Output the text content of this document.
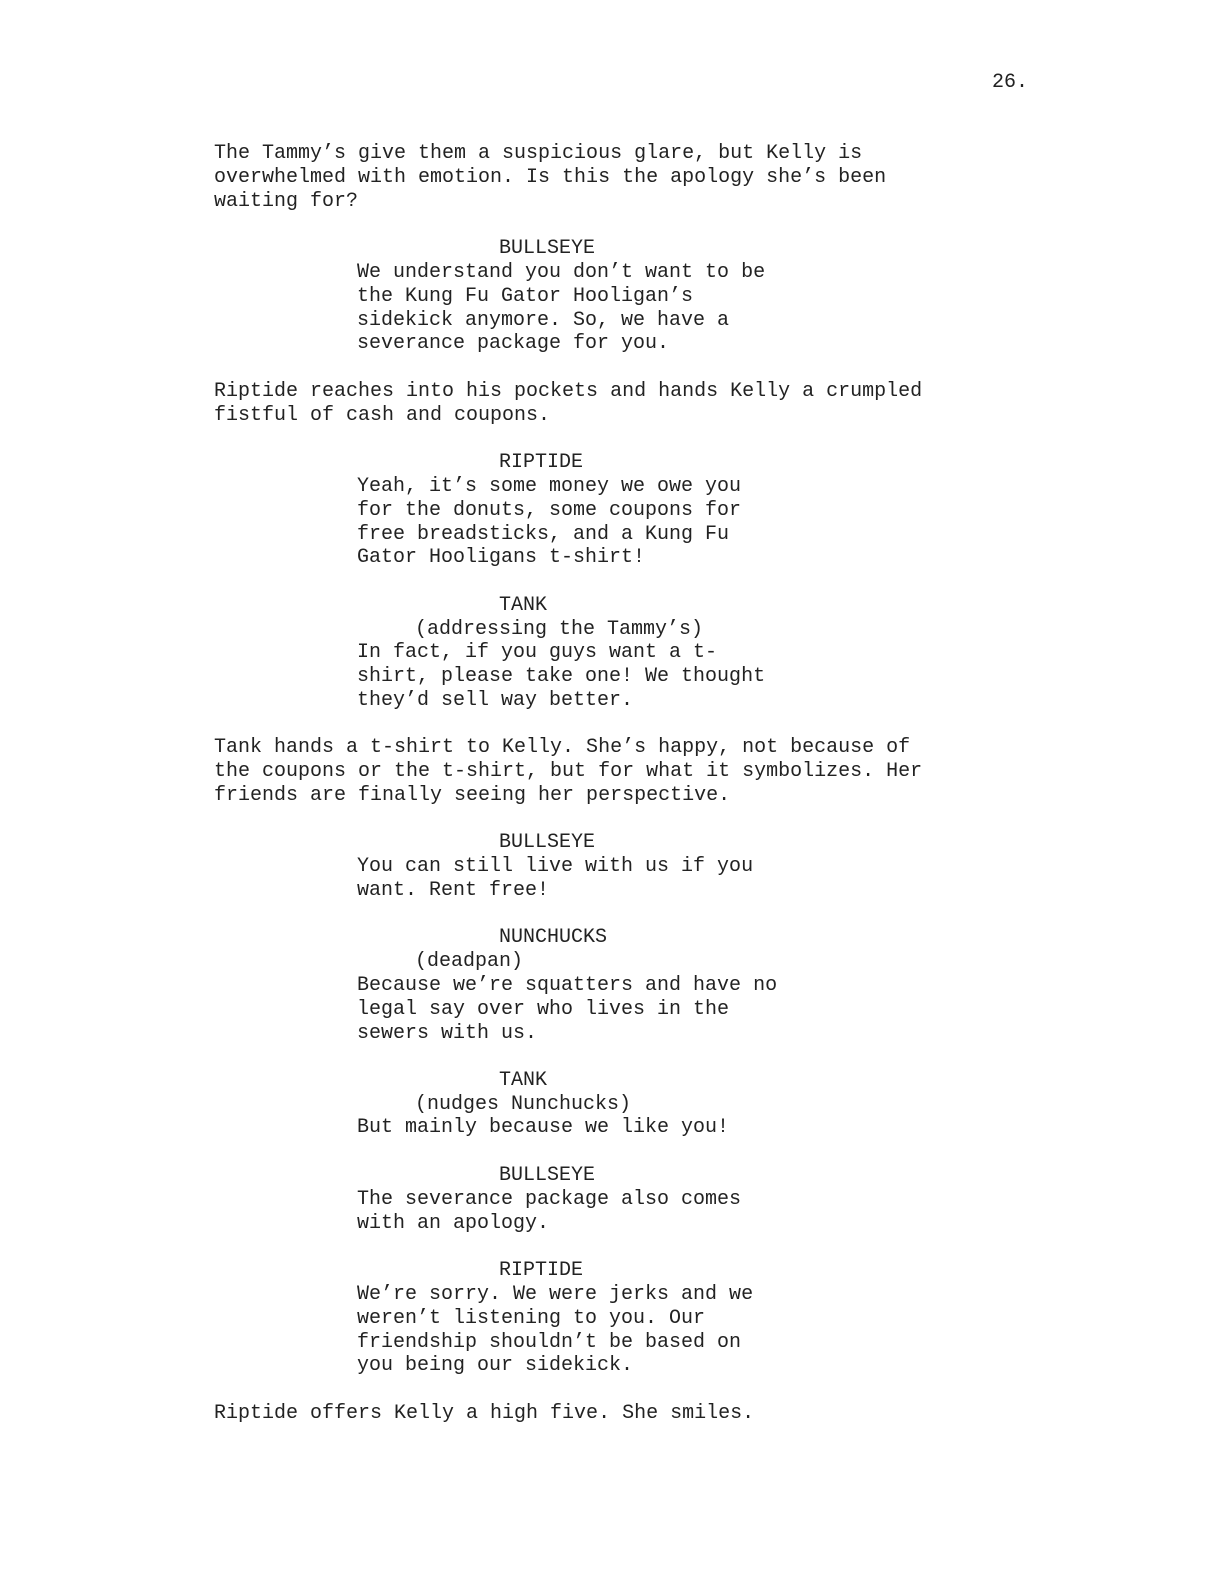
26.
The Tammy’s give them a suspicious glare, but Kelly is
overwhelmed with emotion. Is this the apology she’s been
waiting for?
BULLSEYE
We understand you don’t want to be
the Kung Fu Gator Hooligan’s
sidekick anymore. So, we have a
severance package for you.
Riptide reaches into his pockets and hands Kelly a crumpled
fistful of cash and coupons.
RIPTIDE
Yeah, it’s some money we owe you
for the donuts, some coupons for
free breadsticks, and a Kung Fu
Gator Hooligans t-shirt!
TANK
(addressing the Tammy’s)
In fact, if you guys want a t-
shirt, please take one! We thought
they’d sell way better.
Tank hands a t-shirt to Kelly. She’s happy, not because of
the coupons or the t-shirt, but for what it symbolizes. Her
friends are finally seeing her perspective.
BULLSEYE
You can still live with us if you
want. Rent free!
NUNCHUCKS
(deadpan)
Because we’re squatters and have no
legal say over who lives in the
sewers with us.
TANK
(nudges Nunchucks)
But mainly because we like you!
BULLSEYE
The severance package also comes
with an apology.
RIPTIDE
We’re sorry. We were jerks and we
weren’t listening to you. Our
friendship shouldn’t be based on
you being our sidekick.
Riptide offers Kelly a high five. She smiles.
